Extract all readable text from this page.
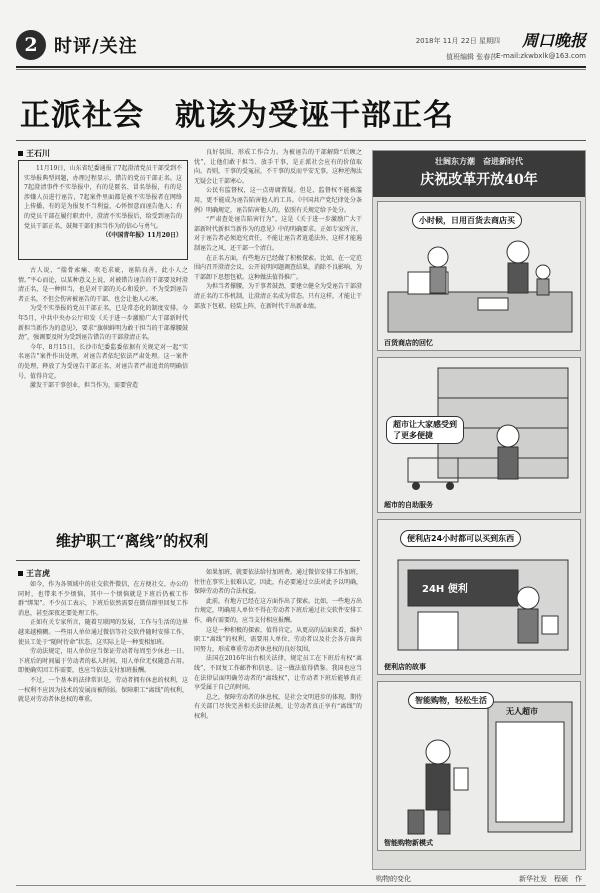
2 时评/关注	2018年 11月 22日 星期四 周口晚报
值班编辑 张春莎
E-mail:zkwbxlk@163.com
正派社会　就该为受诬干部正名
王石川

11月19日，山东省纪委通报了7起澄清党员干部受到不实举报典型问题，办理过程显示，错告的党员干部正名。这7起澄清事件不实举报中，有的是匿名、冒名举报，有的是涉嫌人员进行诬告，7起案件里面都是被不实举报者在网络上传播，有的是为报复不当利益，心怀恨意而诬告他人；有的党员干部在履行职责中，澄清不实举报后，给受到诬告的党员干部正名，鼓舞干部们担当作为的信心与勇气。

（《中国青年报》11月20日）

古人说，“揣骨索痛、吹毛求疵，诬陷良善，此小人之情。”平心而论，以某种意义上说，对被错告诬告的干部要及时澄清正名，是一种担当，也是对干部的关心和爱护。不为受到诬告者正名，不但会伤害被诬告的干部，也会让他人心寒。

为受不实举报的党员干部正名，已是常态化的制度安排。今年5月，中共中央办公厅印发《关于进一步激励广大干部新时代新担当新作为的意见》，要求“旗帜鲜明为敢于担当的干部撑腰鼓劲”，强调要及时为受到诬告错告的干部澄清正名。

今年，8月15日，长沙市纪委监委依据有关规定对一起“实名诬告”案件作出处理，对诬告者依纪依法严肃处理。这一案件的处理，释放了为受诬告干部正名、对诬告者严肃追责的明确信号，值得肯定。

激发干部干事创业，担当作为，需要营造

良好氛围、形成工作合力。为被诬告的干部解除“后顾之忧”，让他们敢于担当、放手干事，是正派社会应有的价值取向。否则，干事的受冤屈，不干事的反而平安无事，这种逆淘汰无疑会让干部寒心。

公民有监督权，这一点毋庸置疑。但是，监督权不能被滥用，更不能成为诬告陷害他人的工具。《中国共产党纪律处分条例》明确规定，诬告陷害他人的，依照有关规定给予处分。

“严肃查处诬告陷害行为”，这是《关于进一步激励广大干部新时代新担当新作为的意见》中的明确要求。正如专家所言，对于诬告者必须追究责任，不能让诬告者逍遥法外，这样才能遏制诬告之风，还干部一个清白。

在正名方面，有些地方已经做了积极探索。比如，在一定范围内召开澄清会议，公开说明问题调查结果，消除不良影响，为干部卸下思想包袱。这种做法值得推广。

为担当者撑腰，为干事者鼓劲，要建立健全为受诬告干部澄清正名的工作机制，让澄清正名成为常态。只有这样，才能让干部放下包袱、轻装上阵，在新时代干出新业绩。

维护职工“离线”的权利
王言虎

如今，作为各领域中的社交软件微信，在方便社交、办公的同时，也带来不少烦恼，其中一个烦恼就是下班后仍被工作群“绑架”。不少员工表示，下班后依然需要在微信群里回复工作消息，甚至深夜还要处理工作。

正如有关专家所言，随着互联网的发展，工作与生活的边界越来越模糊。一些用人单位通过微信等社交软件随时安排工作，使员工处于“随时待命”状态，这实际上是一种变相加班。

劳动法规定，用人单位应当保证劳动者每周至少休息一日。下班后的时间属于劳动者的私人时间，用人单位无权随意占用。即便确实因工作需要，也应当依法支付加班报酬。

不过，一个基本的法律常识是，劳动者拥有休息的权利，这一权利不应因为技术的发展而被削弱。保障职工“离线”的权利，就是对劳动者休息权的尊重。

如果加班，就要依法给付加班费。通过微信安排工作加班，往往在事实上很难认定，因此，有必要通过立法对此予以明确，保障劳动者的合法权益。

此前，有地方已经在这方面作出了探索。比如，一些地方出台规定，明确用人单位不得在劳动者下班后通过社交软件安排工作，确有需要的，应当支付相应报酬。

这是一种积极的探索，值得肯定。从更高的层面来看，维护职工“离线”的权利，需要用人单位、劳动者以及社会各方面共同努力，形成尊重劳动者休息权的良好氛围。

法国在2016年出台相关法律，规定员工在下班后有权“离线”，不回复工作邮件和信息。这一做法值得借鉴。我国也应当在法律层面明确劳动者的“离线权”，让劳动者下班后能够真正享受属于自己的时间。

总之，保障劳动者的休息权，是社会文明进步的体现。期待有关部门尽快完善相关法律法规，让劳动者真正享有“离线”的权利。

壮阔东方潮　奋进新时代
庆祝改革开放40年
小时候，日用百货去商店买
百货商店的回忆
超市让大家感受到了更多便捷
超市的自助服务
便利店24小时都可以买到东西
24H 便利
便利店的故事
智能购物，轻松生活
无人超市
智能购物新模式
购物的变化	新华社发　程硕　作
